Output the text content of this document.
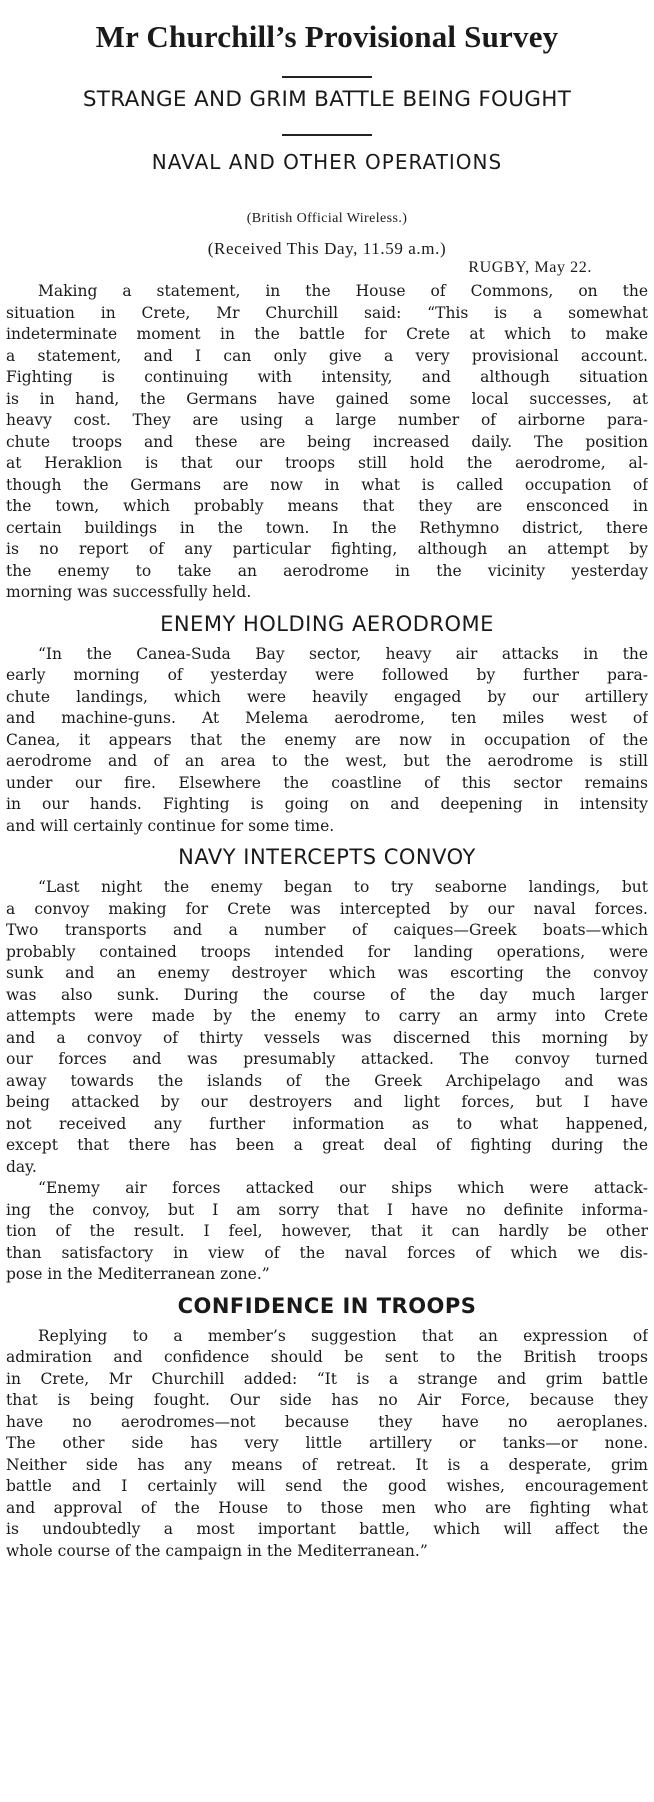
Mr Churchill’s Provisional Survey
STRANGE AND GRIM BATTLE BEING FOUGHT
NAVAL AND OTHER OPERATIONS
(British Official Wireless.)
(Received This Day, 11.59 a.m.)
RUGBY, May 22.
Making a statement, in the House of Commons, on the
situation in Crete, Mr Churchill said: “This is a somewhat
indeterminate moment in the battle for Crete at which to make
a statement, and I can only give a very provisional account.
Fighting is continuing with intensity, and although situation
is in hand, the Germans have gained some local successes, at
heavy cost. They are using a large number of airborne para-
chute troops and these are being increased daily. The position
at Heraklion is that our troops still hold the aerodrome, al-
though the Germans are now in what is called occupation of
the town, which probably means that they are ensconced in
certain buildings in the town. In the Rethymno district, there
is no report of any particular fighting, although an attempt by
the enemy to take an aerodrome in the vicinity yesterday
morning was successfully held.
ENEMY HOLDING AERODROME
“In the Canea-Suda Bay sector, heavy air attacks in the
early morning of yesterday were followed by further para-
chute landings, which were heavily engaged by our artillery
and machine-guns. At Melema aerodrome, ten miles west of
Canea, it appears that the enemy are now in occupation of the
aerodrome and of an area to the west, but the aerodrome is still
under our fire. Elsewhere the coastline of this sector remains
in our hands. Fighting is going on and deepening in intensity
and will certainly continue for some time.
NAVY INTERCEPTS CONVOY
“Last night the enemy began to try seaborne landings, but
a convoy making for Crete was intercepted by our naval forces.
Two transports and a number of caiques—Greek boats—which
probably contained troops intended for landing operations, were
sunk and an enemy destroyer which was escorting the convoy
was also sunk. During the course of the day much larger
attempts were made by the enemy to carry an army into Crete
and a convoy of thirty vessels was discerned this morning by
our forces and was presumably attacked. The convoy turned
away towards the islands of the Greek Archipelago and was
being attacked by our destroyers and light forces, but I have
not received any further information as to what happened,
except that there has been a great deal of fighting during the
day.
“Enemy air forces attacked our ships which were attack-
ing the convoy, but I am sorry that I have no definite informa-
tion of the result. I feel, however, that it can hardly be other
than satisfactory in view of the naval forces of which we dis-
pose in the Mediterranean zone.”
CONFIDENCE IN TROOPS
Replying to a member’s suggestion that an expression of
admiration and confidence should be sent to the British troops
in Crete, Mr Churchill added: “It is a strange and grim battle
that is being fought. Our side has no Air Force, because they
have no aerodromes—not because they have no aeroplanes.
The other side has very little artillery or tanks—or none.
Neither side has any means of retreat. It is a desperate, grim
battle and I certainly will send the good wishes, encouragement
and approval of the House to those men who are fighting what
is undoubtedly a most important battle, which will affect the
whole course of the campaign in the Mediterranean.”
